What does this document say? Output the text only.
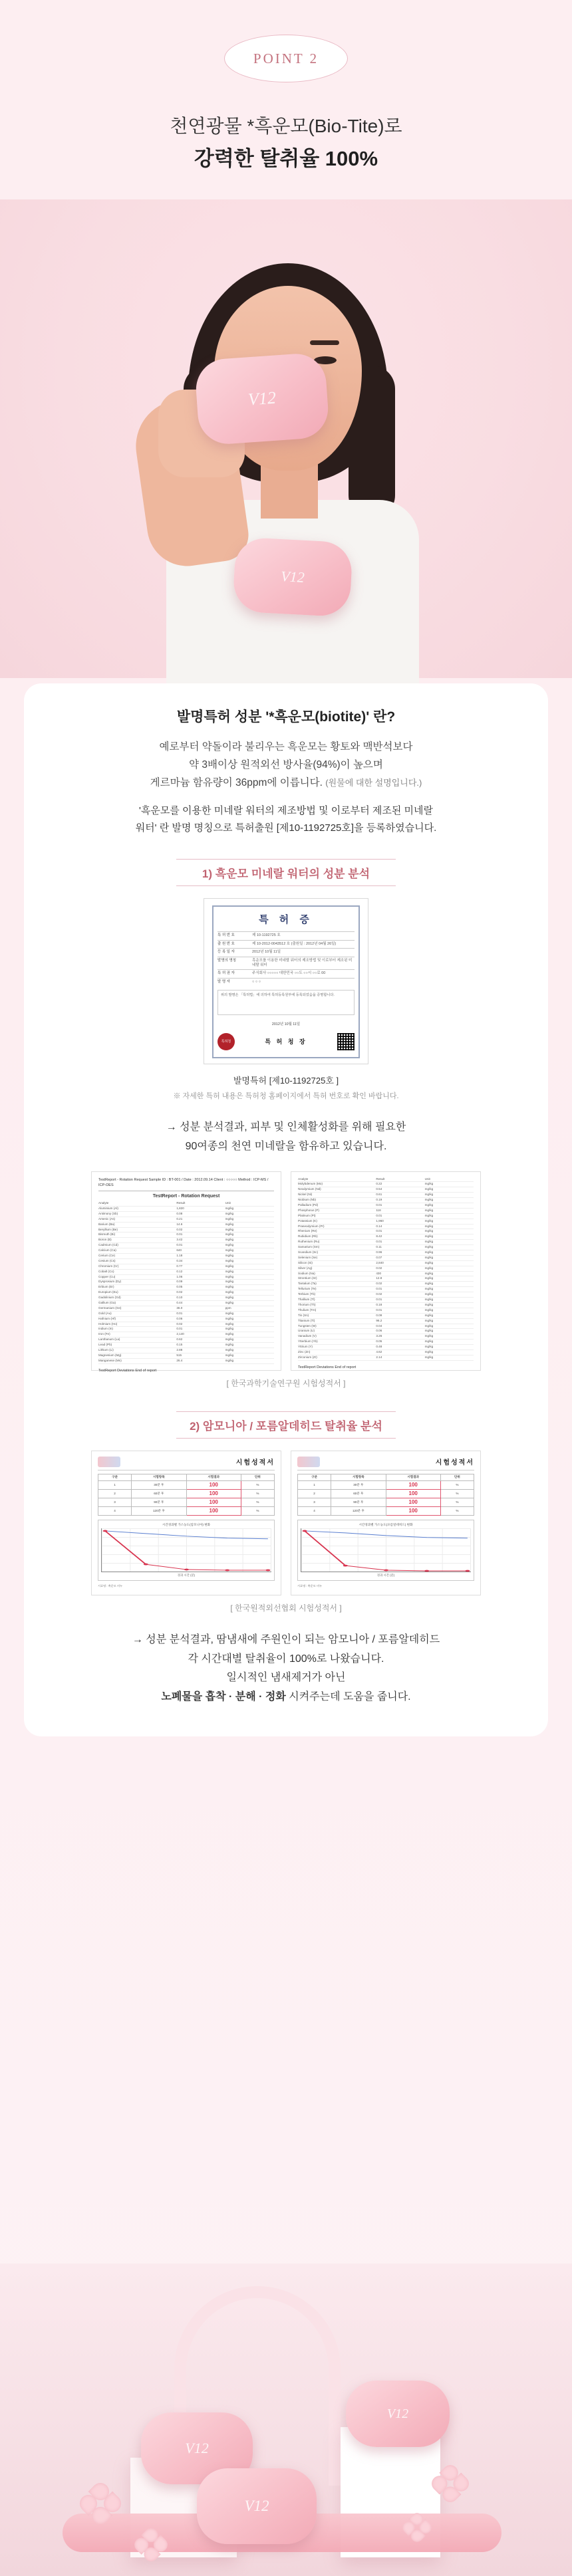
POINT 2
천연광물 *흑운모(Bio-Tite)로
강력한 탈취율 100%
V12
V12
발명특허 성분 '*흑운모(biotite)' 란?

예로부터 약돌이라 불리우는 흑운모는 황토와 맥반석보다
약 3배이상 원적외선 방사율(94%)이 높으며
게르마늄 함유량이 36ppm에 이릅니다. (원물에 대한 설명입니다.)

'흑운모를 이용한 미네랄 워터의 제조방법 및 이로부터 제조된 미네랄
워터' 란 발명 명칭으로 특허출원 [제10-1192725호]을 등록하였습니다.

1) 흑운모 미네랄 워터의 성분 분석
특 허 증
특 허 번 호	제 10-1192725 호
출 원 번 호	제 10-2012-0043512 호 (출원일 : 2012년 04월 26일)
등 록 일 자	2012년 10월 11일
발명의 명칭	흑운모를 이용한 미네랄 워터의 제조방법 및 이로부터 제조된 미네랄 워터
특 허 권 자	주식회사 ○○○○○ 대한민국 ○○도 ○○시 ○○로 00
발 명 자	○ ○ ○
위의 발명은 「특허법」에 의하여 특허등록원부에 등록되었음을 증명합니다.
2012년 10월 11일
특허청	특 허 청 장
발명특허 [제10-1192725호 ]
※ 자세한 특허 내용은 특허청 홈페이지에서 특허 번호로 확인 바랍니다.
→ 성분 분석결과, 피부 및 인체활성화를 위해 필요한
90여종의 천연 미네랄을 함유하고 있습니다.
TestReport - Rotation Request Sample ID : BT-001 / Date : 2012.09.14 Client : ○○○○○ Method : ICP-MS / ICP-OES
TestReport - Rotation Request
Analyte	Result	Unit
Aluminium (Al)	1,820	mg/kg
Antimony (Sb)	0.08	mg/kg
Arsenic (As)	0.21	mg/kg
Barium (Ba)	14.6	mg/kg
Beryllium (Be)	0.02	mg/kg
Bismuth (Bi)	0.01	mg/kg
Boron (B)	3.42	mg/kg
Cadmium (Cd)	0.01	mg/kg
Calcium (Ca)	640	mg/kg
Cerium (Ce)	1.18	mg/kg
Cesium (Cs)	0.34	mg/kg
Chromium (Cr)	0.77	mg/kg
Cobalt (Co)	0.12	mg/kg
Copper (Cu)	1.06	mg/kg
Dysprosium (Dy)	0.09	mg/kg
Erbium (Er)	0.05	mg/kg
Europium (Eu)	0.02	mg/kg
Gadolinium (Gd)	0.10	mg/kg
Gallium (Ga)	0.44	mg/kg
Germanium (Ge)	36.0	ppm
Gold (Au)	0.01	mg/kg
Hafnium (Hf)	0.06	mg/kg
Holmium (Ho)	0.02	mg/kg
Indium (In)	0.01	mg/kg
Iron (Fe)	2,140	mg/kg
Lanthanum (La)	0.62	mg/kg
Lead (Pb)	0.15	mg/kg
Lithium (Li)	2.88	mg/kg
Magnesium (Mg)	515	mg/kg
Manganese (Mn)	26.4	mg/kg
TestReport Deviations End of report
Analyte	Result	Unit
Molybdenum (Mo)	0.22	mg/kg
Neodymium (Nd)	0.54	mg/kg
Nickel (Ni)	0.61	mg/kg
Niobium (Nb)	0.19	mg/kg
Palladium (Pd)	0.01	mg/kg
Phosphorus (P)	118	mg/kg
Platinum (Pt)	0.01	mg/kg
Potassium (K)	1,960	mg/kg
Praseodymium (Pr)	0.14	mg/kg
Rhenium (Re)	0.01	mg/kg
Rubidium (Rb)	8.42	mg/kg
Ruthenium (Ru)	0.01	mg/kg
Samarium (Sm)	0.11	mg/kg
Scandium (Sc)	0.96	mg/kg
Selenium (Se)	0.07	mg/kg
Silicon (Si)	2,840	mg/kg
Silver (Ag)	0.02	mg/kg
Sodium (Na)	430	mg/kg
Strontium (Sr)	12.8	mg/kg
Tantalum (Ta)	0.02	mg/kg
Tellurium (Te)	0.01	mg/kg
Terbium (Tb)	0.02	mg/kg
Thallium (Tl)	0.01	mg/kg
Thorium (Th)	0.18	mg/kg
Thulium (Tm)	0.01	mg/kg
Tin (Sn)	0.09	mg/kg
Titanium (Ti)	96.2	mg/kg
Tungsten (W)	0.04	mg/kg
Uranium (U)	0.06	mg/kg
Vanadium (V)	3.26	mg/kg
Ytterbium (Yb)	0.05	mg/kg
Yttrium (Y)	0.48	mg/kg
Zinc (Zn)	4.62	mg/kg
Zirconium (Zr)	2.14	mg/kg
TestReport Deviations End of report
[ 한국과학기술연구원 시험성적서 ]
2) 암모니아 / 포름알데히드 탈취율 분석
시험성적서
구분	시험항목	시험결과	단위
1	30분 후	100	%
2	60분 후	100	%
3	90분 후	100	%
4	120분 후	100	%
시간경과별 가스농도(암모니아) 변화
경과 시간 (분)
시료명 : 흑운모 비누
시험성적서
구분	시험항목	시험결과	단위
1	30분 후	100	%
2	60분 후	100	%
3	90분 후	100	%
4	120분 후	100	%
시간경과별 가스농도(포름알데히드) 변화
경과 시간 (분)
시료명 : 흑운모 비누
[ 한국원적외선협회 시험성적서 ]
→ 성분 분석결과, 땀냄새에 주원인이 되는 암모니아 / 포름알데히드
각 시간대별 탈취율이 100%로 나왔습니다.
일시적인 냄새제거가 아닌
노폐물을 흡착 · 분해 · 정화 시켜주는데 도움을 줍니다.
V12
V12
V12
